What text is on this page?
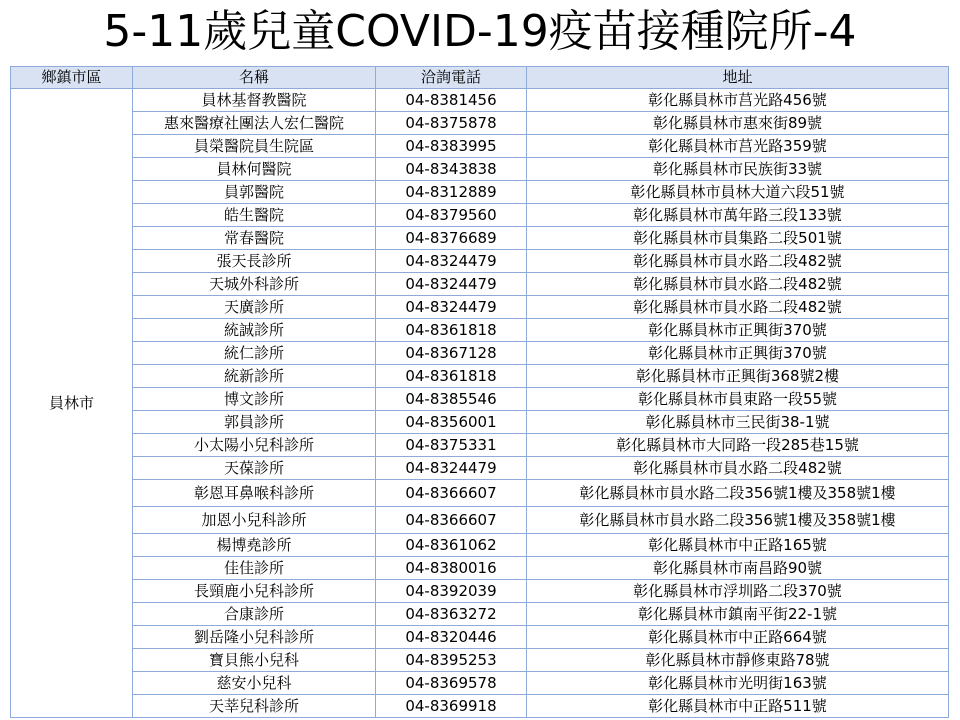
5-11歲兒童COVID-19疫苗接種院所-4
鄉鎮市區	名稱	洽詢電話	地址
員林市	員林基督教醫院	04-8381456	彰化縣員林市莒光路456號
	惠來醫療社團法人宏仁醫院	04-8375878	彰化縣員林市惠來街89號
	員榮醫院員生院區	04-8383995	彰化縣員林市莒光路359號
	員林何醫院	04-8343838	彰化縣員林市民族街33號
	員郭醫院	04-8312889	彰化縣員林市員林大道六段51號
	皓生醫院	04-8379560	彰化縣員林市萬年路三段133號
	常春醫院	04-8376689	彰化縣員林市員集路二段501號
	張天長診所	04-8324479	彰化縣員林市員水路二段482號
	天城外科診所	04-8324479	彰化縣員林市員水路二段482號
	天廣診所	04-8324479	彰化縣員林市員水路二段482號
	統誠診所	04-8361818	彰化縣員林市正興街370號
	統仁診所	04-8367128	彰化縣員林市正興街370號
	統新診所	04-8361818	彰化縣員林市正興街368號2樓
	博文診所	04-8385546	彰化縣員林市員東路一段55號
	郭員診所	04-8356001	彰化縣員林市三民街38-1號
	小太陽小兒科診所	04-8375331	彰化縣員林市大同路一段285巷15號
	天葆診所	04-8324479	彰化縣員林市員水路二段482號
	彰恩耳鼻喉科診所	04-8366607	彰化縣員林市員水路二段356號1樓及358號1樓
	加恩小兒科診所	04-8366607	彰化縣員林市員水路二段356號1樓及358號1樓
	楊博堯診所	04-8361062	彰化縣員林市中正路165號
	佳佳診所	04-8380016	彰化縣員林市南昌路90號
	長頸鹿小兒科診所	04-8392039	彰化縣員林市浮圳路二段370號
	合康診所	04-8363272	彰化縣員林市鎮南平街22-1號
	劉岳隆小兒科診所	04-8320446	彰化縣員林市中正路664號
	寶貝熊小兒科	04-8395253	彰化縣員林市靜修東路78號
	慈安小兒科	04-8369578	彰化縣員林市光明街163號
	天莘兒科診所	04-8369918	彰化縣員林市中正路511號
